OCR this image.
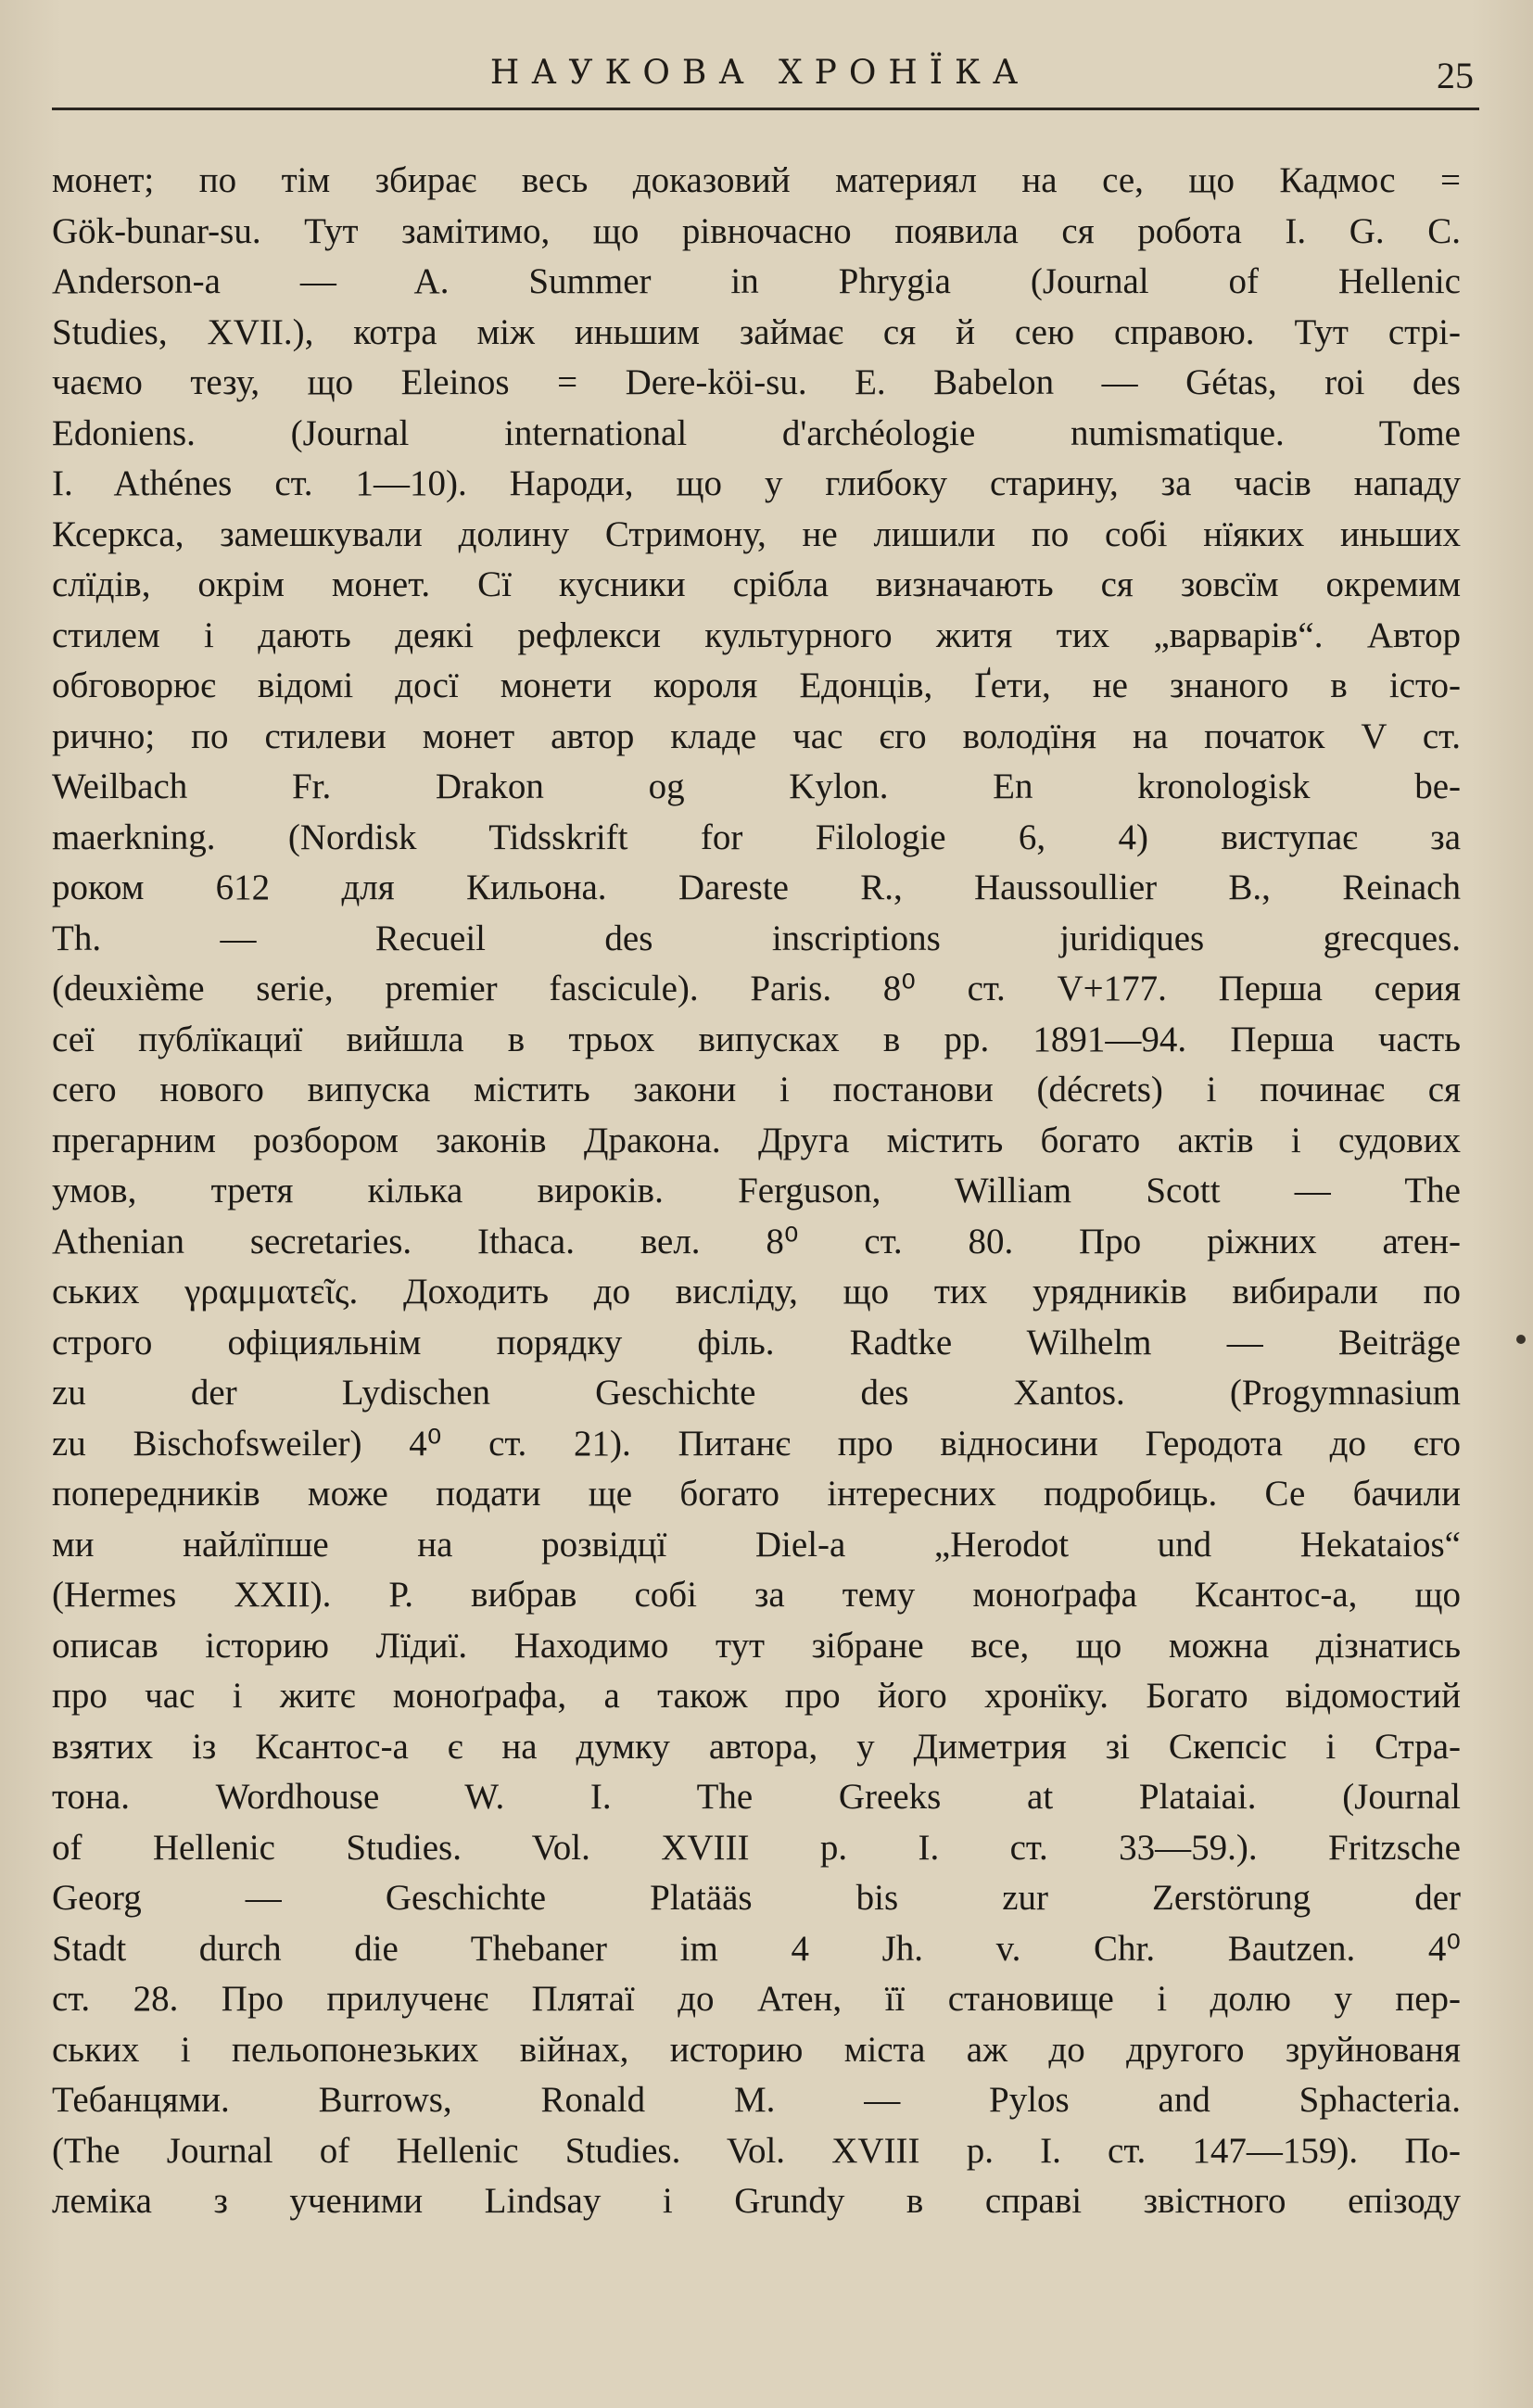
НАУКОВА ХРОНЇКА	25
монет; по тім збирає весь доказовий материял на се, що Кадмос =
Gök-bunar-su. Тут замітимо, що рівночасно появила ся робота І. G. C.
Anderson-a — A. Summer in Phrygia (Journal of Hellenic
Studies, XVII.), котра між иньшим займає ся й сею справою. Тут стрі-
чаємо тезу, що Eleinos = Dere-köi-su. E. Babelon — Gétas, roi des
Edoniens. (Journal international d'archéologie numismatique. Tome
I. Athénes ст. 1—10). Народи, що у глибоку старину, за часів нападу
Ксеркса, замешкували долину Стримону, не лишили по собі нїяких иньших
слїдів, окрім монет. Сї кусники срібла визначають ся зовсїм окремим
стилем і дають деякі рефлекси культурного житя тих „варварів“. Автор
обговорює відомі досї монети короля Едонців, Ґети, не знаного в істо-
рично; по стилеви монет автор кладе час єго володїня на початок V ст.
Weilbach Fr. Drakon og Kylon. En kronologisk be-
maerkning. (Nordisk Tidsskrift for Filologie 6, 4) виступає за
роком 612 для Кильона. Dareste R., Haussoullier B., Reinach
Th. — Recueil des inscriptions juridiques grecques.
(deuxième serie, premier fascicule). Paris. 8⁰ ст. V+177. Перша серия
сеї публїкациї вийшла в трьох випусках в рр. 1891—94. Перша часть
сего нового випуска містить закони і постанови (décrets) і починає ся
прегарним розбором законів Дракона. Друга містить богато актів і судових
умов, третя кілька вироків. Ferguson, William Scott — The
Athenian secretaries. Ithaca. вел. 8⁰ ст. 80. Про ріжних атен-
ських γραμματεῖς. Доходить до висліду, що тих урядників вибирали по
строго офіцияльнім порядку філь. Radtke Wilhelm — Beiträge
zu der Lydischen Geschichte des Xantos. (Progymnasium
zu Bischofsweiler) 4⁰ ст. 21). Питанє про відносини Геродота до єго
попередників може подати ще богато інтересних подробиць. Се бачили
ми найлїпше на розвідцї Diel-a „Herodot und Hekataios“
(Hermes XXII). Р. вибрав собі за тему моноґрафа Ксантос-а, що
описав історию Лїдиї. Находимо тут зібране все, що можна дізнатись
про час і житє моноґрафа, а також про його хронїку. Богато відомостий
взятих із Ксантос-а є на думку автора, у Диметрия зі Скепсіс і Стра-
тона. Wordhouse W. I. The Greeks at Plataiai. (Journal
of Hellenic Studies. Vol. XVIII p. I. ст. 33—59.). Fritzsche
Georg — Geschichte Platääs bis zur Zerstörung der
Stadt durch die Thebaner im 4 Jh. v. Chr. Bautzen. 4⁰
ст. 28. Про прилученє Плятаї до Атен, її становище і долю у пер-
ських і пельопонезьких війнах, историю міста аж до другого зруйнованя
Тебанцями. Burrows, Ronald M. — Pylos and Sphacteria.
(The Journal of Hellenic Studies. Vol. XVIII p. I. ст. 147—159). По-
леміка з ученими Lindsay і Grundy в справі звістного епізоду
